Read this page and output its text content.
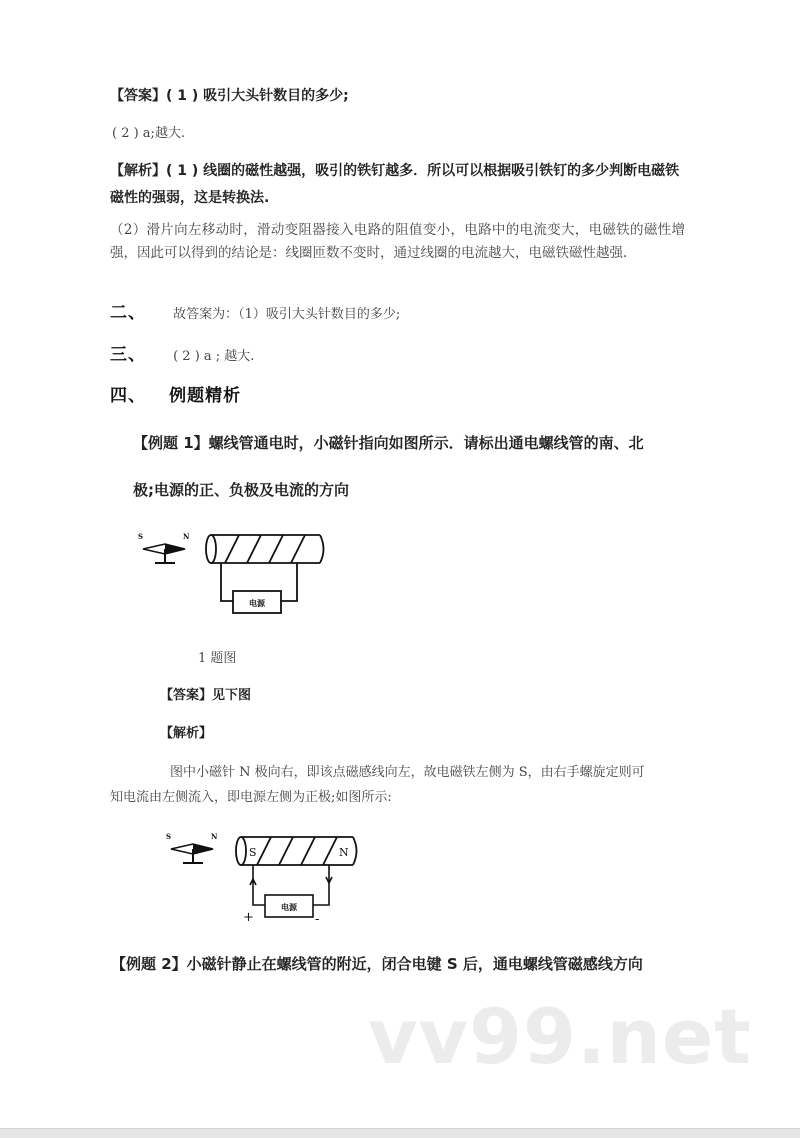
【答案】( 1 ) 吸引大头针数目的多少;
( 2 ) a;越大.
【解析】( 1 ) 线圈的磁性越强，吸引的铁钉越多．所以可以根据吸引铁钉的多少判断电磁铁
磁性的强弱，这是转换法.
（2）滑片向左移动时，滑动变阻器接入电路的阻值变小，电路中的电流变大，电磁铁的磁性增强，因此可以得到的结论是：线圈匝数不变时，通过线圈的电流越大，电磁铁磁性越强.
二、 故答案为：（1）吸引大头针数目的多少;
三、 ( 2 ) a ; 越大.
四、 例题精析
【例题 1】螺线管通电时，小磁针指向如图所示．请标出通电螺线管的南、北
极;电源的正、负极及电流的方向
S	N
电源
1 题图
【答案】见下图
【解析】
图中小磁针 N 极向右，即该点磁感线向左，故电磁铁左侧为 S，由右手螺旋定则可
知电流由左侧流入，即电源左侧为正极;如图所示:
S	N
S	N
电源
+	-
【例题 2】小磁针静止在螺线管的附近，闭合电键 S 后，通电螺线管磁感线方向
vv99.net
